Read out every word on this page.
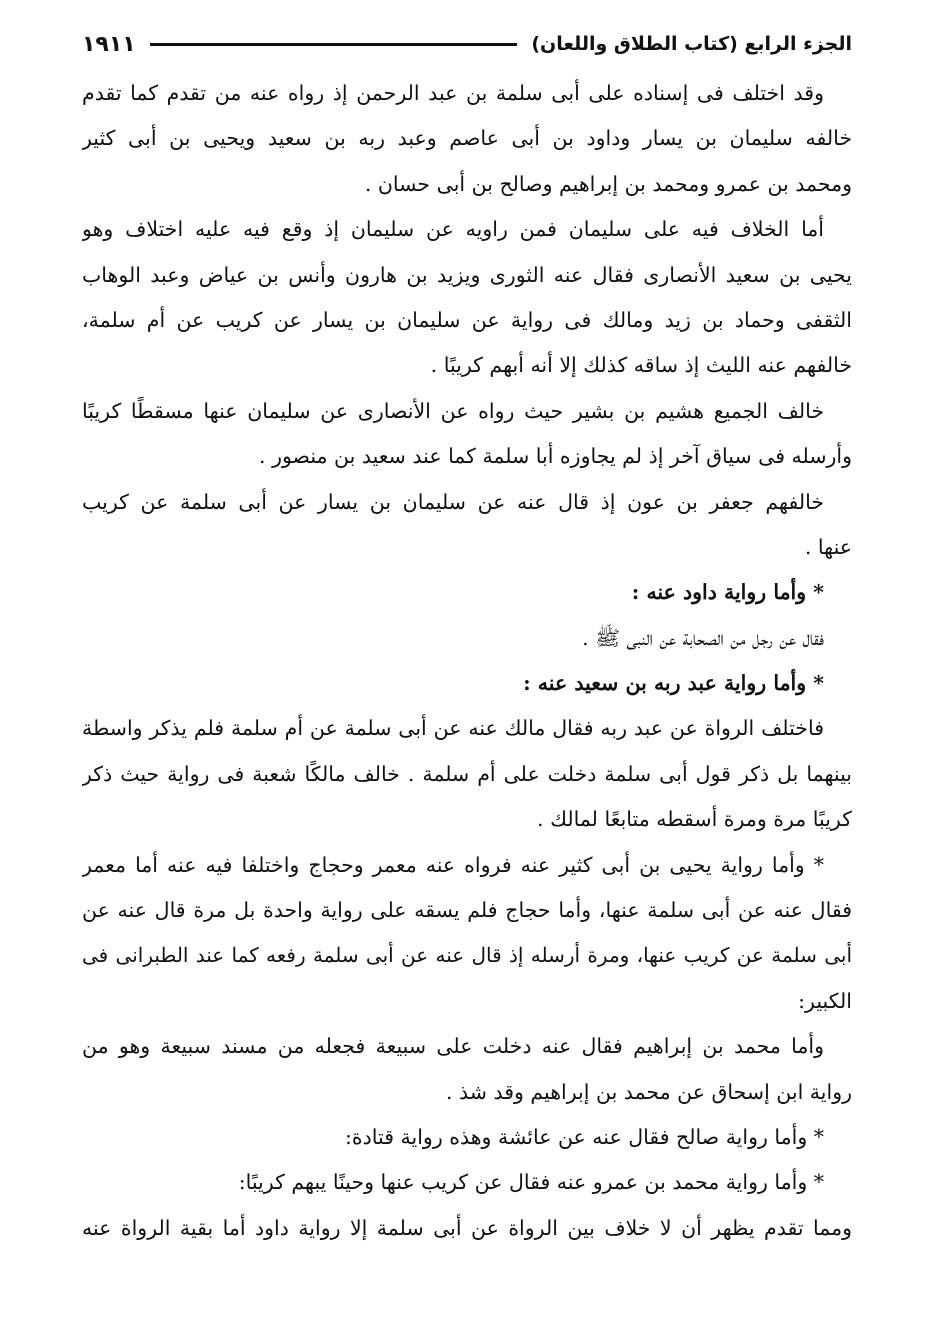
الجزء الرابع (كتاب الطلاق واللعان)
١٩١١
وقد اختلف فى إسناده على أبى سلمة بن عبد الرحمن إذ رواه عنه من تقدم كما تقدم
خالفه سليمان بن يسار وداود بن أبى عاصم وعبد ربه بن سعيد ويحيى بن أبى كثير
ومحمد بن عمرو ومحمد بن إبراهيم وصالح بن أبى حسان .
أما الخلاف فيه على سليمان فمن راويه عن سليمان إذ وقع فيه عليه اختلاف وهو
يحيى بن سعيد الأنصارى فقال عنه الثورى ويزيد بن هارون وأنس بن عياض وعبد الوهاب
الثقفى وحماد بن زيد ومالك فى رواية عن سليمان بن يسار عن كريب عن أم سلمة،
خالفهم عنه الليث إذ ساقه كذلك إلا أنه أبهم كريبًا .
خالف الجميع هشيم بن بشير حيث رواه عن الأنصارى عن سليمان عنها مسقطًا كريبًا
وأرسله فى سياق آخر إذ لم يجاوزه أبا سلمة كما عند سعيد بن منصور .
خالفهم جعفر بن عون إذ قال عنه عن سليمان بن يسار عن أبى سلمة عن كريب
عنها .
* وأما رواية داود عنه :
فقال عن رجل من الصحابة عن النبى ﷺ .
* وأما رواية عبد ربه بن سعيد عنه :
فاختلف الرواة عن عبد ربه فقال مالك عنه عن أبى سلمة عن أم سلمة فلم يذكر واسطة
بينهما بل ذكر قول أبى سلمة دخلت على أم سلمة . خالف مالكًا شعبة فى رواية حيث ذكر
كريبًا مرة ومرة أسقطه متابعًا لمالك .
* وأما رواية يحيى بن أبى كثير عنه فرواه عنه معمر وحجاج واختلفا فيه عنه أما معمر
فقال عنه عن أبى سلمة عنها، وأما حجاج فلم يسقه على رواية واحدة بل مرة قال عنه عن
أبى سلمة عن كريب عنها، ومرة أرسله إذ قال عنه عن أبى سلمة رفعه كما عند الطبرانى فى
الكبير:
وأما محمد بن إبراهيم فقال عنه دخلت على سبيعة فجعله من مسند سبيعة وهو من
رواية ابن إسحاق عن محمد بن إبراهيم وقد شذ .
* وأما رواية صالح فقال عنه عن عائشة وهذه رواية قتادة:
* وأما رواية محمد بن عمرو عنه فقال عن كريب عنها وحينًا يبهم كريبًا:
ومما تقدم يظهر أن لا خلاف بين الرواة عن أبى سلمة إلا رواية داود أما بقية الرواة عنه
